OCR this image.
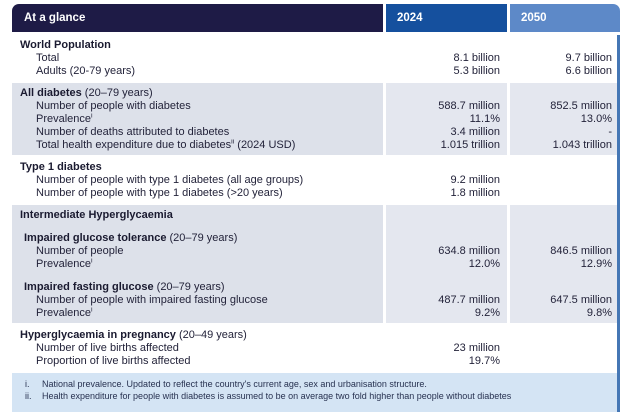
At a glance	2024	2050
World Population
Total	8.1 billion	9.7 billion
Adults (20-79 years)	5.3 billion	6.6 billion
All diabetes (20–79 years)
Number of people with diabetes	588.7 million	852.5 million
Prevalence$^i$	11.1%	13.0%
Number of deaths attributed to diabetes	3.4 million	-
Total health expenditure due to diabetes$^{ii}$ (2024 USD)	1.015 trillion	1.043 trillion
Type 1 diabetes
Number of people with type 1 diabetes (all age groups)	9.2 million
Number of people with type 1 diabetes (>20 years)	1.8 million
Intermediate Hyperglycaemia
Impaired glucose tolerance (20–79 years)
Number of people	634.8 million	846.5 million
Prevalence$^i$	12.0%	12.9%
Impaired fasting glucose (20–79 years)
Number of people with impaired fasting glucose	487.7 million	647.5 million
Prevalence$^i$	9.2%	9.8%
Hyperglycaemia in pregnancy (20–49 years)
Number of live births affected	23 million
Proportion of live births affected	19.7%
i.	National prevalence. Updated to reflect the country's current age, sex and urbanisation structure.
ii.	Health expenditure for people with diabetes is assumed to be on average two fold higher than people without diabetes
